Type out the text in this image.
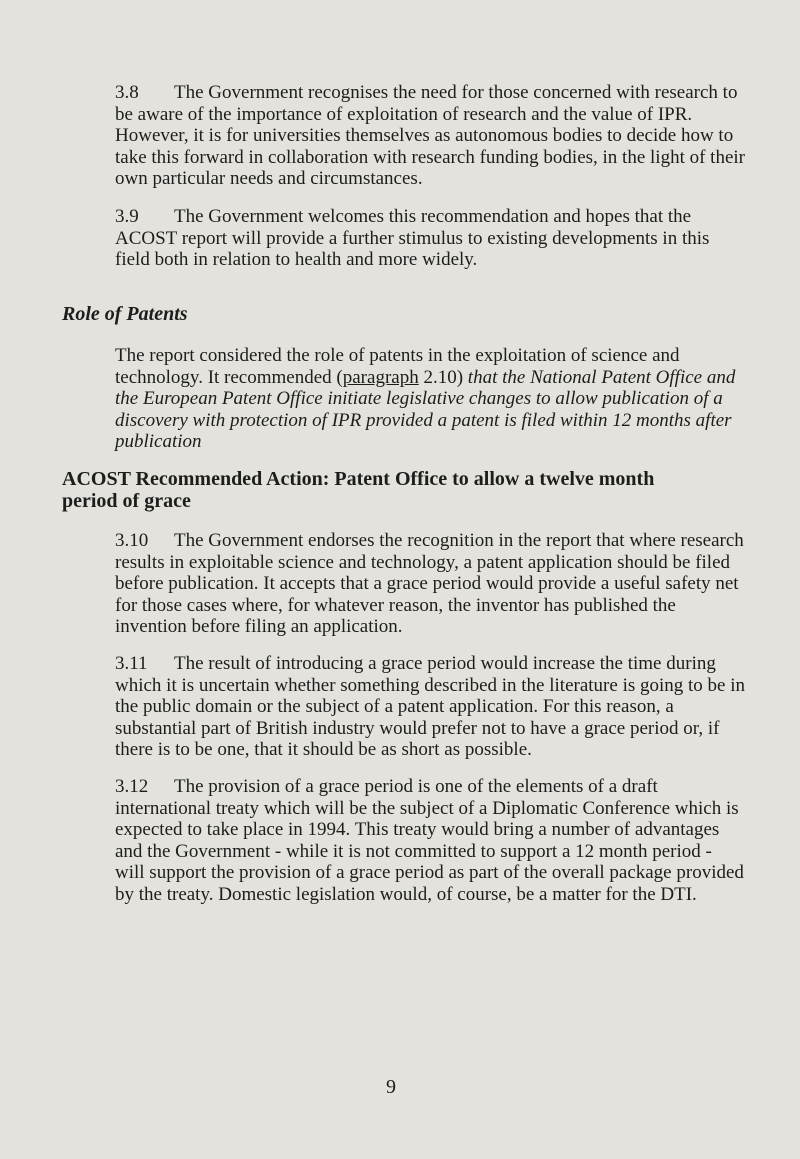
3.8 The Government recognises the need for those concerned with research to be aware of the importance of exploitation of research and the value of IPR. However, it is for universities themselves as autonomous bodies to decide how to take this forward in collaboration with research funding bodies, in the light of their own particular needs and circumstances.
3.9 The Government welcomes this recommendation and hopes that the ACOST report will provide a further stimulus to existing developments in this field both in relation to health and more widely.
Role of Patents
The report considered the role of patents in the exploitation of science and technology. It recommended (paragraph 2.10) that the National Patent Office and the European Patent Office initiate legislative changes to allow publication of a discovery with protection of IPR provided a patent is filed within 12 months after publication
ACOST Recommended Action: Patent Office to allow a twelve month period of grace
3.10 The Government endorses the recognition in the report that where research results in exploitable science and technology, a patent application should be filed before publication. It accepts that a grace period would provide a useful safety net for those cases where, for whatever reason, the inventor has published the invention before filing an application.
3.11 The result of introducing a grace period would increase the time during which it is uncertain whether something described in the literature is going to be in the public domain or the subject of a patent application. For this reason, a substantial part of British industry would prefer not to have a grace period or, if there is to be one, that it should be as short as possible.
3.12 The provision of a grace period is one of the elements of a draft international treaty which will be the subject of a Diplomatic Conference which is expected to take place in 1994. This treaty would bring a number of advantages and the Government - while it is not committed to support a 12 month period - will support the provision of a grace period as part of the overall package provided by the treaty. Domestic legislation would, of course, be a matter for the DTI.
9
